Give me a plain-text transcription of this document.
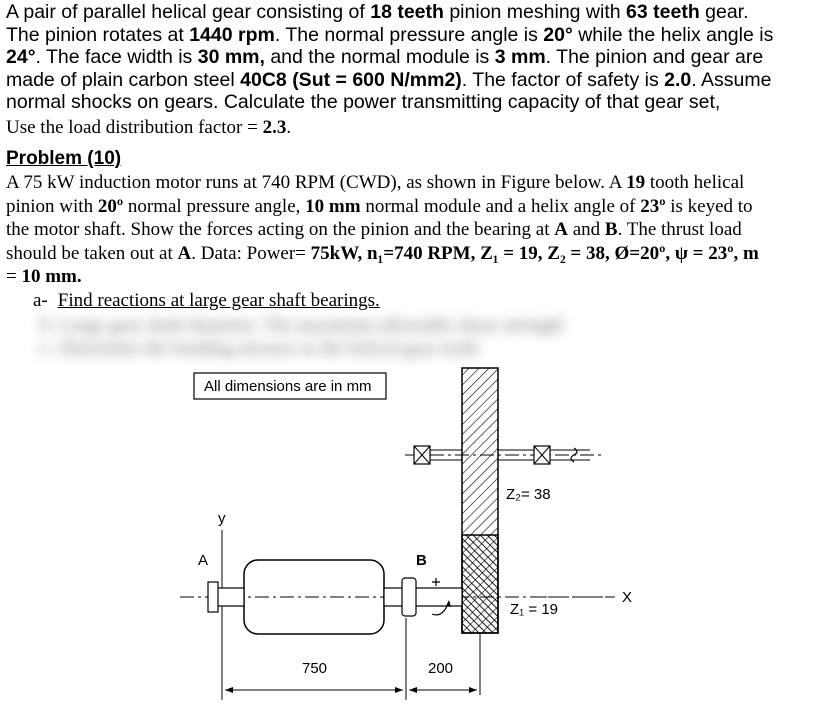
A pair of parallel helical gear consisting of 18 teeth pinion meshing with 63 teeth gear.
The pinion rotates at 1440 rpm. The normal pressure angle is 20° while the helix angle is
24°. The face width is 30 mm, and the normal module is 3 mm. The pinion and gear are
made of plain carbon steel 40C8 (Sut = 600 N/mm2). The factor of safety is 2.0. Assume
normal shocks on gears. Calculate the power transmitting capacity of that gear set,
Use the load distribution factor = 2.3.
Problem (10)
A 75 kW induction motor runs at 740 RPM (CWD), as shown in Figure below. A 19 tooth helical
pinion with 20º normal pressure angle, 10 mm normal module and a helix angle of 23º is keyed to
the motor shaft. Show the forces acting on the pinion and the bearing at A and B. The thrust load
should be taken out at A. Data: Power= 75kW, n₁=740 RPM, Z₁ = 19, Z₂ = 38, Ø=20º, ψ = 23º, m
= 10 mm.
a- Find reactions at large gear shaft bearings.
b- Large gear shaft diameter. The maximum allowable shear strength
c- Determine the bending stresses in the helical gear teeth
All dimensions are in mm
Z₂= 38
y
A	B
X
Z₁ = 19
750	200
